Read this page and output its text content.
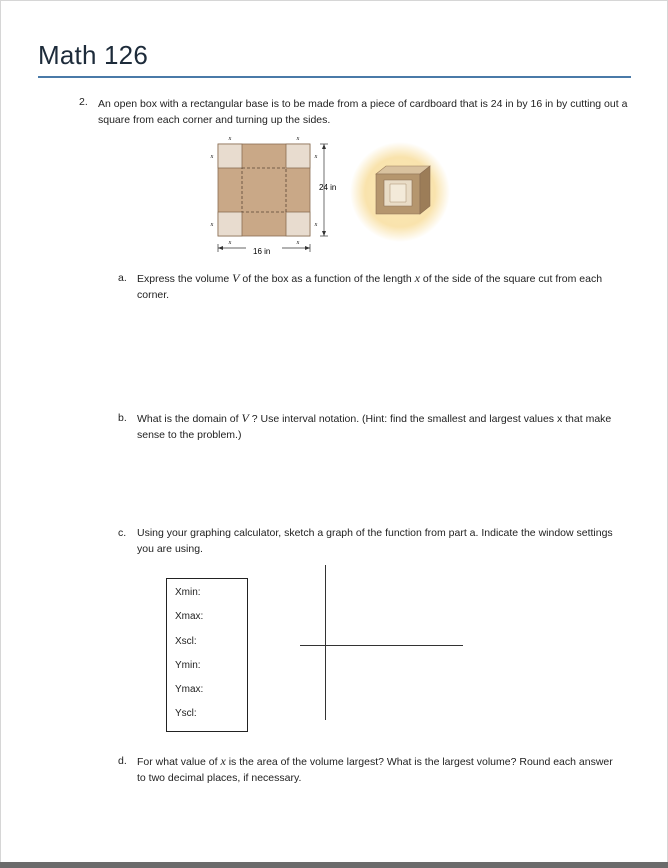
Math 126
2. An open box with a rectangular base is to be made from a piece of cardboard that is 24 in by 16 in by cutting out a square from each corner and turning up the sides.
x	x
x	x
x	x
x	x
24 in
16 in
a. Express the volume V of the box as a function of the length x of the side of the square cut from each corner.
b. What is the domain of V ? Use interval notation. (Hint: find the smallest and largest values x that make sense to the problem.)
c. Using your graphing calculator, sketch a graph of the function from part a. Indicate the window settings you are using.
Xmin:
Xmax:
Xscl:
Ymin:
Ymax:
Yscl:
d. For what value of x is the area of the volume largest? What is the largest volume? Round each answer to two decimal places, if necessary.
